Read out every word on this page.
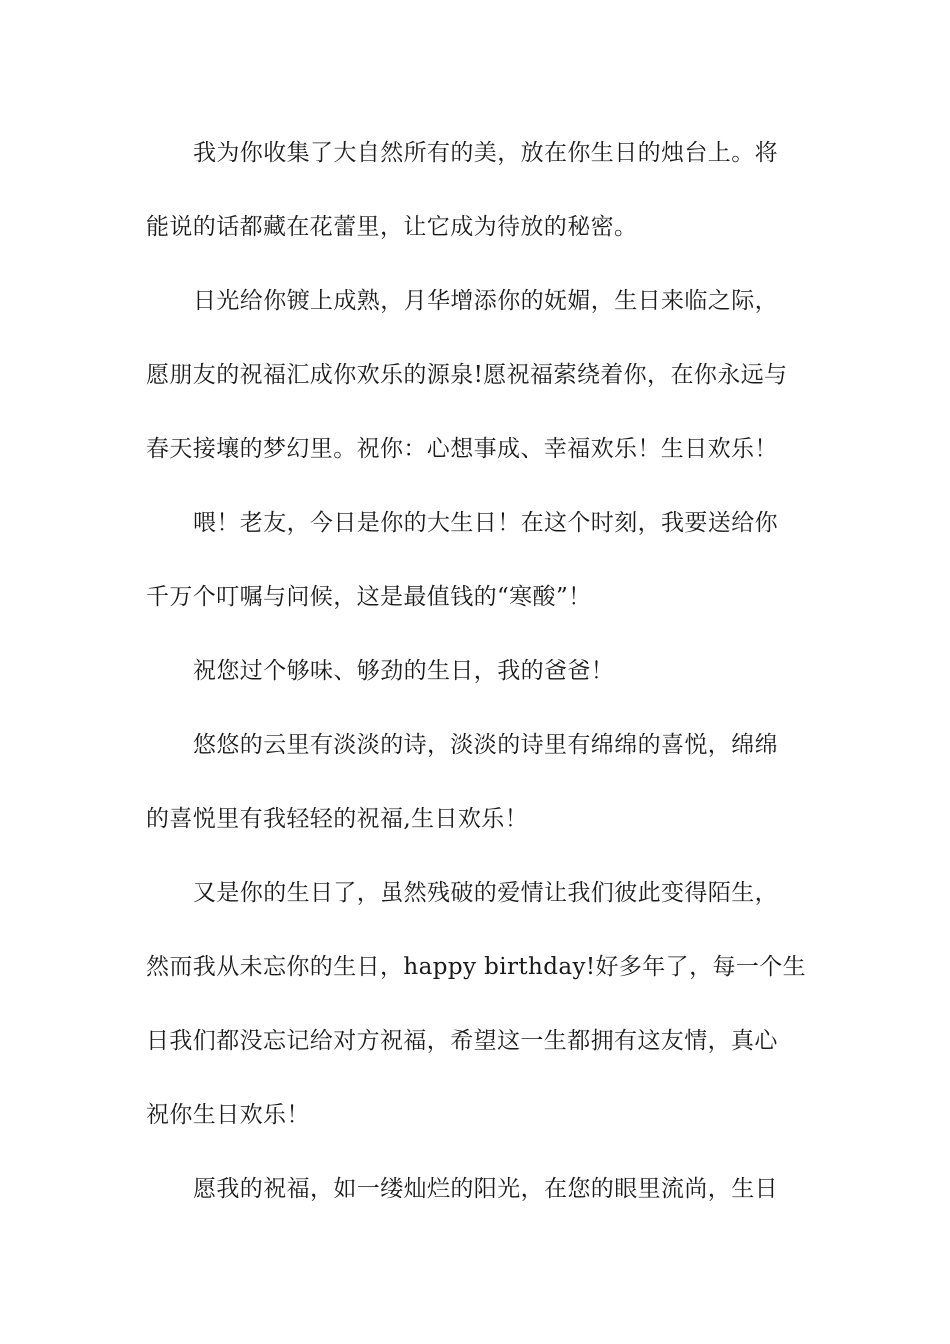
我为你收集了大自然所有的美，放在你生日的烛台上。将
能说的话都藏在花蕾里，让它成为待放的秘密。
日光给你镀上成熟，月华增添你的妩媚，生日来临之际，
愿朋友的祝福汇成你欢乐的源泉!愿祝福萦绕着你，在你永远与
春天接壤的梦幻里。祝你：心想事成、幸福欢乐！生日欢乐！
喂！老友，今日是你的大生日！在这个时刻，我要送给你
千万个叮嘱与问候，这是最值钱的“寒酸”！
祝您过个够味、够劲的生日，我的爸爸！
悠悠的云里有淡淡的诗，淡淡的诗里有绵绵的喜悦，绵绵
的喜悦里有我轻轻的祝福,生日欢乐！
又是你的生日了，虽然残破的爱情让我们彼此变得陌生，
然而我从未忘你的生日，happy birthday!好多年了，每一个生
日我们都没忘记给对方祝福，希望这一生都拥有这友情，真心
祝你生日欢乐！
愿我的祝福，如一缕灿烂的阳光，在您的眼里流尚，生日
